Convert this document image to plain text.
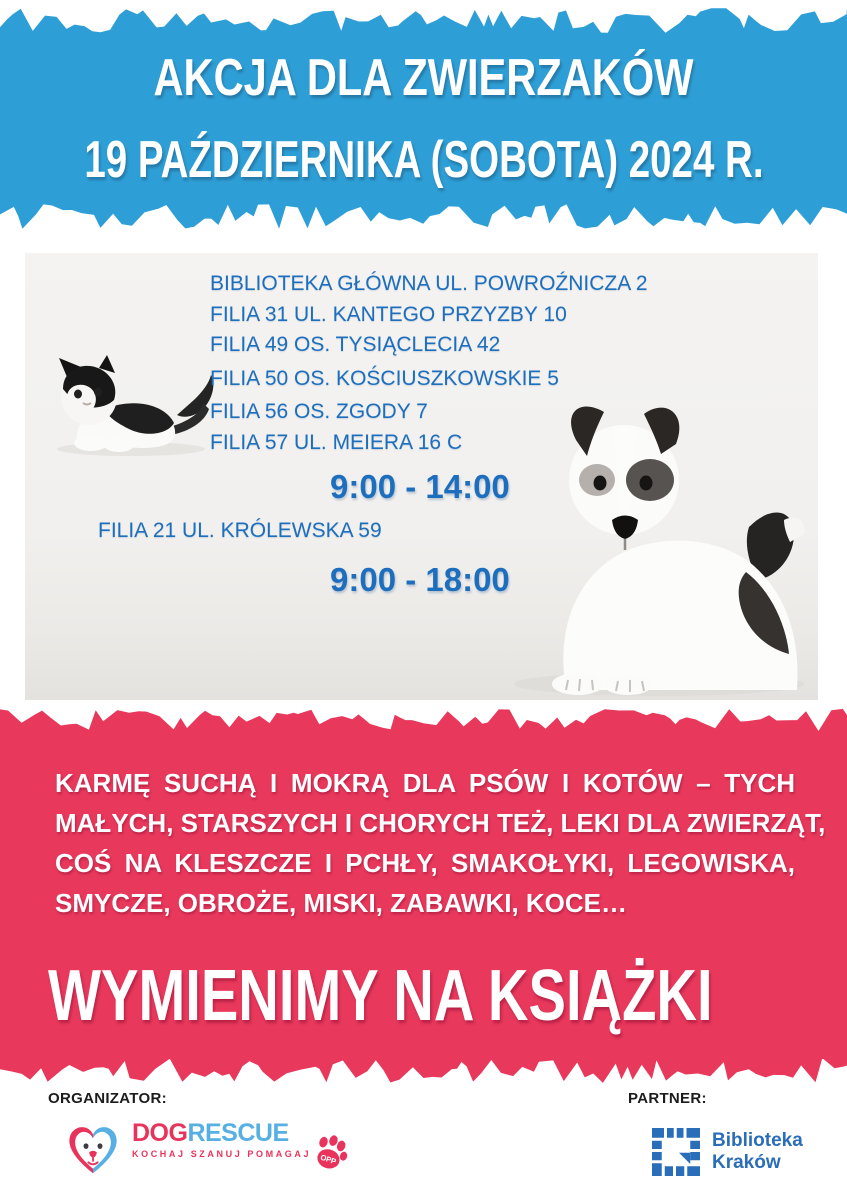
AKCJA DLA ZWIERZAKÓW
19 PAŹDZIERNIKA (SOBOTA) 2024 R.
BIBLIOTEKA GŁÓWNA UL. POWROŹNICZA 2
FILIA 31 UL. KANTEGO PRZYZBY 10
FILIA 49 OS. TYSIĄCLECIA 42
FILIA 50 OS. KOŚCIUSZKOWSKIE 5
FILIA 56 OS. ZGODY 7
FILIA 57 UL. MEIERA 16 C
9:00 - 14:00
FILIA 21 UL. KRÓLEWSKA 59
9:00 - 18:00
KARMĘ SUCHĄ I MOKRĄ DLA PSÓW I KOTÓW – TYCH
MAŁYCH, STARSZYCH I CHORYCH TEŻ, LEKI DLA ZWIERZĄT,
COŚ NA KLESZCZE I PCHŁY, SMAKOŁYKI, LEGOWISKA,
SMYCZE, OBROŻE, MISKI, ZABAWKI, KOCE…
WYMIENIMY NA KSIĄŻKI
ORGANIZATOR:	PARTNER:
DOGRESCUE
KOCHAJ SZANUJ POMAGAJ OPP
Biblioteka
Kraków
